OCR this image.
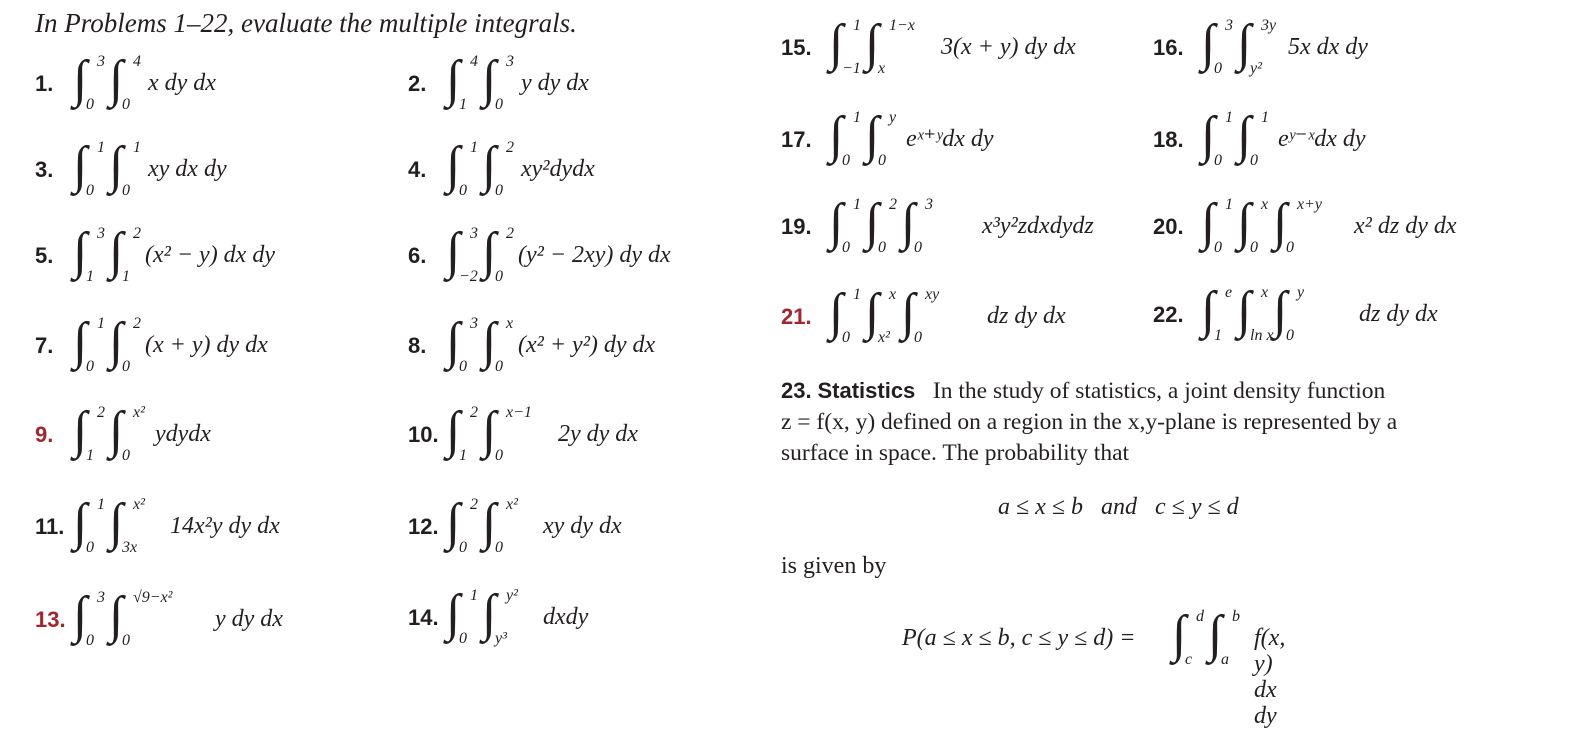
In Problems 1–22, evaluate the multiple integrals.
1. ∫ 3
0 ∫ 4
0
x dy dx	2. ∫ 4
1 ∫ 3
0
y dy dx
3. ∫ 1
0 ∫ 1
0
xy dx dy	4. ∫ 1
0 ∫ 2
0
xy²dydx
5. ∫ 3
1 ∫ 2
1
(x² − y) dx dy	6. ∫ 3
−2 ∫ 2
0
(y² − 2xy) dy dx
7. ∫ 1
0 ∫ 2
0
(x + y) dy dx	8. ∫ 3
0 ∫ x
0
(x² + y²) dy dx
9. ∫ 2
1 ∫ x²
0
ydydx	10. ∫ 2
1 ∫ x−1
0
2y dy dx
11. ∫ 1
0 ∫ x²
3x
14x²y dy dx	12. ∫ 2
0 ∫ x²
0
xy dy dx
13. ∫ 3
0 ∫ √9−x²
0
y dy dx	14. ∫ 1
0 ∫ y²
y³
dxdy
15. ∫ 1
−1 ∫ 1−x
x
3(x + y) dy dx	16. ∫ 3
0 ∫ 3y
y²
5x dx dy
17. ∫ 1
0 ∫ y
0
eˣ⁺ʸdx dy	18. ∫ 1
0 ∫ 1
0
eʸ⁻ˣdx dy
19. ∫ 1
0 ∫ 2
0 ∫ 3
0
x³y²zdxdydz	20. ∫ 1
0 ∫ x
0 ∫ x+y
0
x² dz dy dx
21. ∫ 1
0 ∫ x
x² ∫ xy
0
dz dy dx	22. ∫ e
1 ∫ x
ln x ∫ y
0
dz dy dx
23. Statistics In the study of statistics, a joint density function
z = f(x, y) defined on a region in the x,y-plane is represented by a
surface in space. The probability that
a ≤ x ≤ b   and   c ≤ y ≤ d
is given by
P(a ≤ x ≤ b, c ≤ y ≤ d) = ∫ d
c ∫ b
a
f(x, y) dx dy
